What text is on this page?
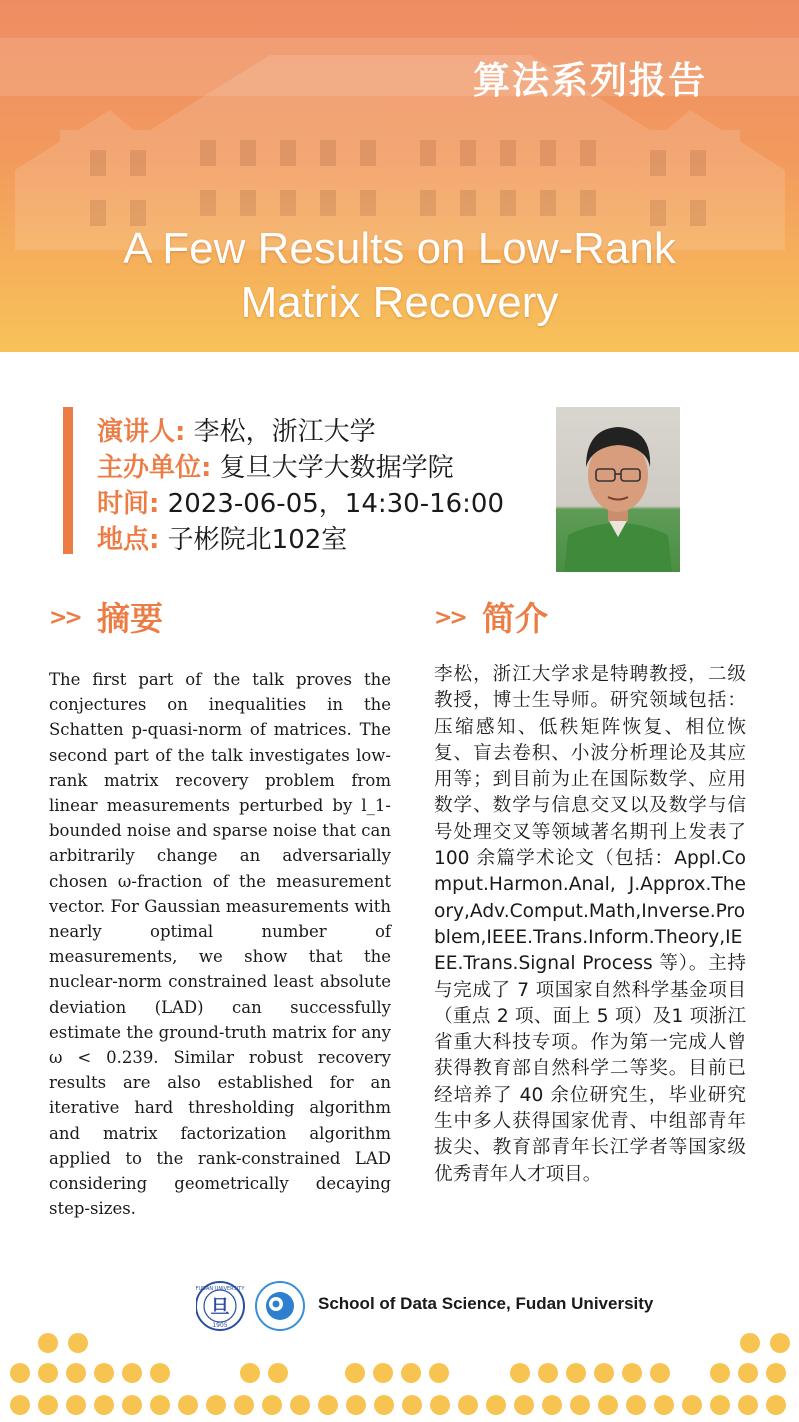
算法系列报告
A Few Results on Low-Rank
Matrix Recovery
演讲人: 李松，浙江大学
主办单位: 复旦大学大数据学院
时间: 2023-06-05，14:30-16:00
地点: 子彬院北102室
>> 摘要	>> 简介
The first part of the talk proves the conjectures on inequalities in the Schatten p-quasi-norm of matrices. The second part of the talk investigates low-rank matrix recovery problem from linear measurements perturbed by l_1-bounded noise and sparse noise that can arbitrarily change an adversarially chosen ω-fraction of the measurement vector. For Gaussian measurements with nearly optimal number of measurements, we show that the nuclear-norm constrained least absolute deviation (LAD) can successfully estimate the ground-truth matrix for any ω < 0.239. Similar robust recovery results are also established for an iterative hard thresholding algorithm and matrix factorization algorithm applied to the rank-constrained LAD considering geometrically decaying step-sizes.
李松，浙江大学求是特聘教授，二级教授，博士生导师。研究领域包括：压缩感知、低秩矩阵恢复、相位恢复、盲去卷积、小波分析理论及其应用等；到目前为止在国际数学、应用数学、数学与信息交叉以及数学与信号处理交叉等领域著名期刊上发表了 100 余篇学术论文（包括：Appl.Comput.Harmon.Anal, J.Approx.Theory,Adv.Comput.Math,Inverse.Problem,IEEE.Trans.Inform.Theory,IEEE.Trans.Signal Process 等）。主持与完成了 7 项国家自然科学基金项目（重点 2 项、面上 5 项）及1 项浙江省重大科技专项。作为第一完成人曾获得教育部自然科学二等奖。目前已经培养了 40 余位研究生，毕业研究生中多人获得国家优青、中组部青年拔尖、教育部青年长江学者等国家级优秀青年人才项目。
旦
FUDAN UNIVERSITY
1905
School of Data Science, Fudan University
